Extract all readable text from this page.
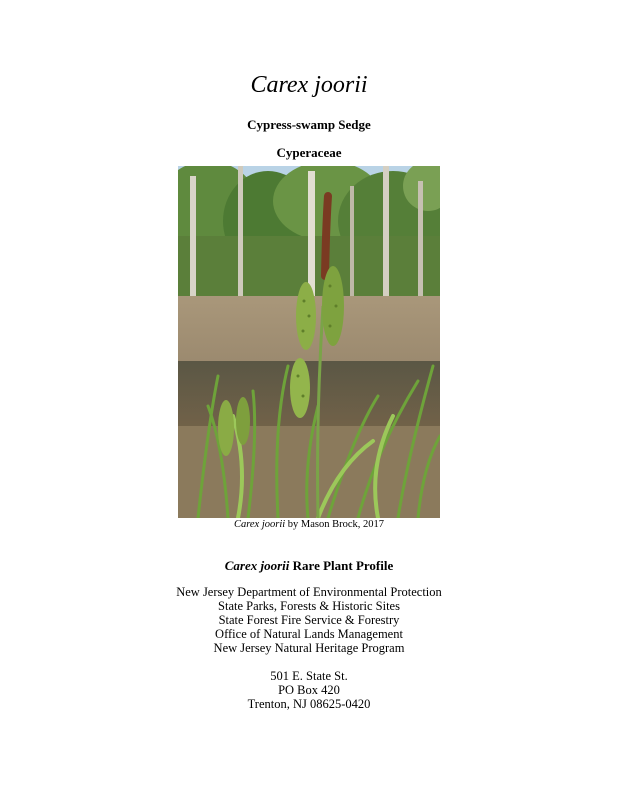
Carex joorii
Cypress-swamp Sedge
Cyperaceae
Carex joorii by Mason Brock, 2017
Carex joorii Rare Plant Profile
New Jersey Department of Environmental Protection
State Parks, Forests & Historic Sites
State Forest Fire Service & Forestry
Office of Natural Lands Management
New Jersey Natural Heritage Program
501 E. State St.
PO Box 420
Trenton, NJ 08625-0420
